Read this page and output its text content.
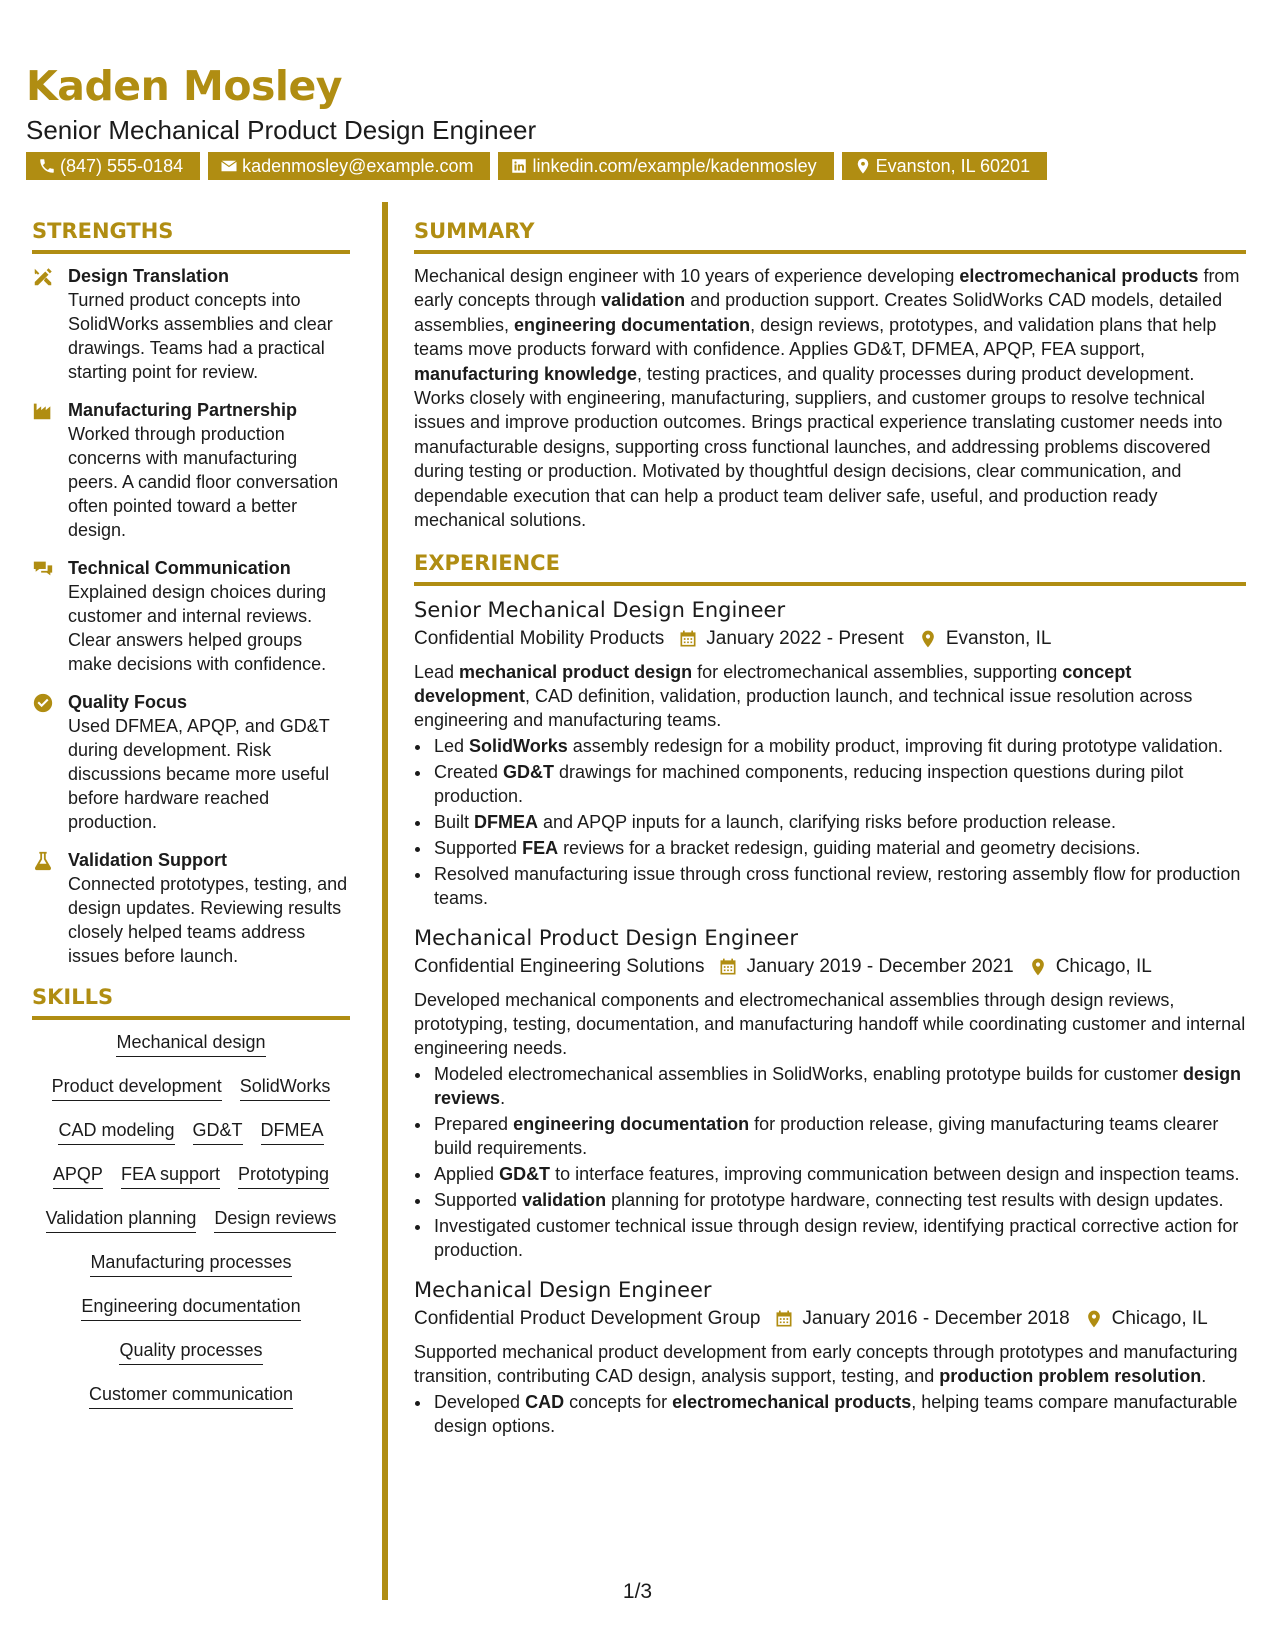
Kaden Mosley
Senior Mechanical Product Design Engineer
(847) 555-0184	kadenmosley@example.com	linkedin.com/example/kadenmosley	Evanston, IL 60201
STRENGTHS
Design Translation
Turned product concepts into SolidWorks assemblies and clear drawings. Teams had a practical starting point for review.
Manufacturing Partnership
Worked through production concerns with manufacturing peers. A candid floor conversation often pointed toward a better design.
Technical Communication
Explained design choices during customer and internal reviews. Clear answers helped groups make decisions with confidence.
Quality Focus
Used DFMEA, APQP, and GD&T during development. Risk discussions became more useful before hardware reached production.
Validation Support
Connected prototypes, testing, and design updates. Reviewing results closely helped teams address issues before launch.
SKILLS
Mechanical design
Product development SolidWorks
CAD modeling GD&T DFMEA
APQP FEA support Prototyping
Validation planning Design reviews
Manufacturing processes
Engineering documentation
Quality processes
Customer communication
SUMMARY

Mechanical design engineer with 10 years of experience developing electromechanical products from early concepts through validation and production support. Creates SolidWorks CAD models, detailed assemblies, engineering documentation, design reviews, prototypes, and validation plans that help teams move products forward with confidence. Applies GD&T, DFMEA, APQP, FEA support, manufacturing knowledge, testing practices, and quality processes during product development. Works closely with engineering, manufacturing, suppliers, and customer groups to resolve technical issues and improve production outcomes. Brings practical experience translating customer needs into manufacturable designs, supporting cross functional launches, and addressing problems discovered during testing or production. Motivated by thoughtful design decisions, clear communication, and dependable execution that can help a product team deliver safe, useful, and production ready mechanical solutions.

EXPERIENCE
Senior Mechanical Design Engineer
Confidential Mobility Products January 2022 - Present Evanston, IL

Lead mechanical product design for electromechanical assemblies, supporting concept development, CAD definition, validation, production launch, and technical issue resolution across engineering and manufacturing teams.

• Led SolidWorks assembly redesign for a mobility product, improving fit during prototype validation.
• Created GD&T drawings for machined components, reducing inspection questions during pilot production.
• Built DFMEA and APQP inputs for a launch, clarifying risks before production release.
• Supported FEA reviews for a bracket redesign, guiding material and geometry decisions.
• Resolved manufacturing issue through cross functional review, restoring assembly flow for production teams.
Mechanical Product Design Engineer
Confidential Engineering Solutions January 2019 - December 2021 Chicago, IL

Developed mechanical components and electromechanical assemblies through design reviews, prototyping, testing, documentation, and manufacturing handoff while coordinating customer and internal engineering needs.

• Modeled electromechanical assemblies in SolidWorks, enabling prototype builds for customer design reviews.
• Prepared engineering documentation for production release, giving manufacturing teams clearer build requirements.
• Applied GD&T to interface features, improving communication between design and inspection teams.
• Supported validation planning for prototype hardware, connecting test results with design updates.
• Investigated customer technical issue through design review, identifying practical corrective action for production.
Mechanical Design Engineer
Confidential Product Development Group January 2016 - December 2018 Chicago, IL

Supported mechanical product development from early concepts through prototypes and manufacturing transition, contributing CAD design, analysis support, testing, and production problem resolution.

• Developed CAD concepts for electromechanical products, helping teams compare manufacturable design options.
1/3
